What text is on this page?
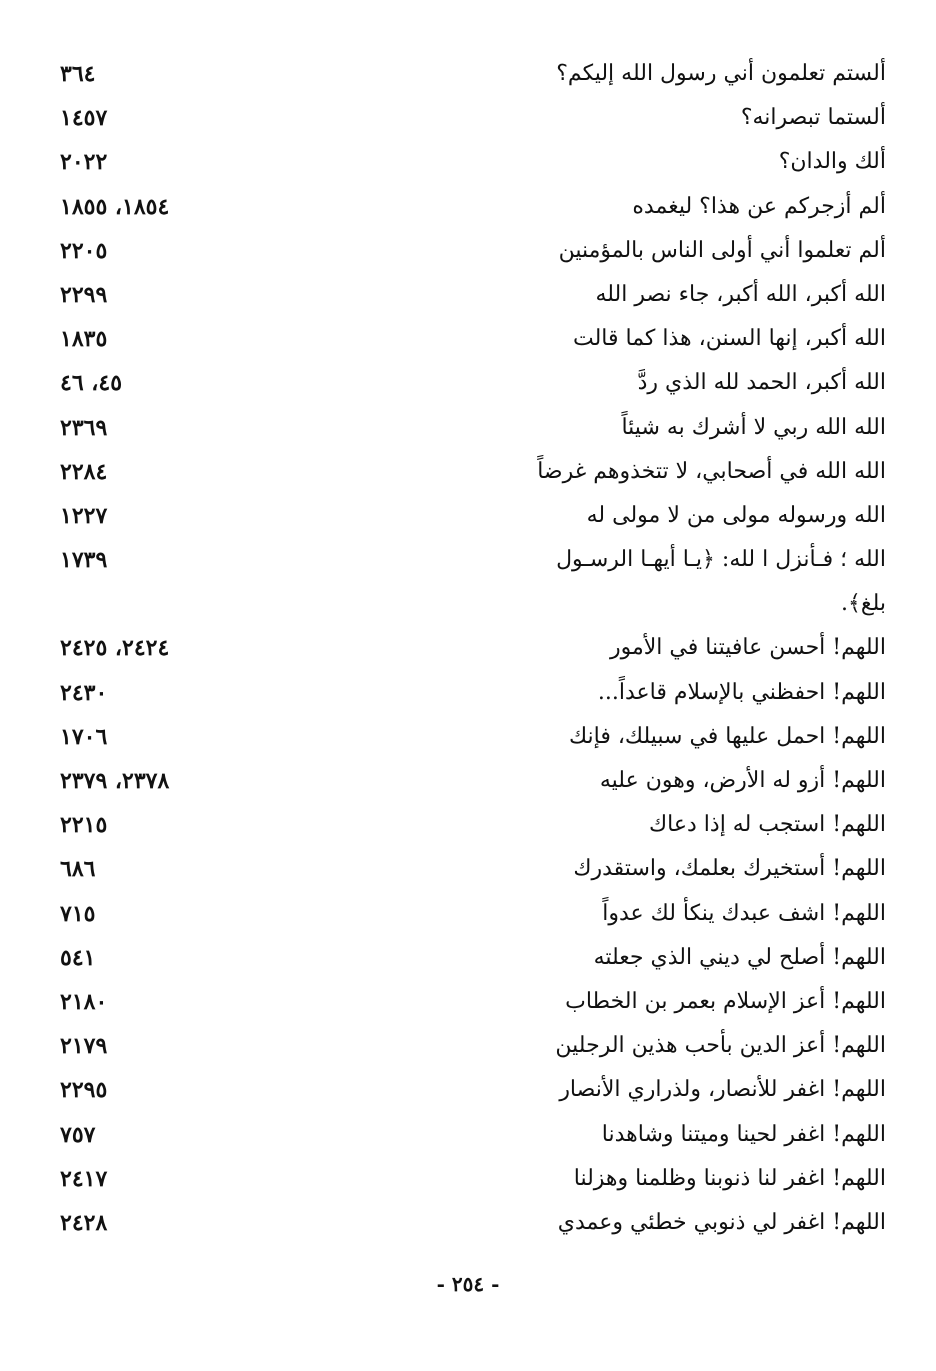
ألستم تعلمون أني رسول الله إليكم؟
٣٦٤
ألستما تبصرانه؟
١٤٥٧
ألك والدان؟
٢٠٢٢
ألم أزجركم عن هذا؟ ليغمده
١٨٥٤، ١٨٥٥
ألم تعلموا أني أولى الناس بالمؤمنين
٢٢٠٥
الله أكبر، الله أكبر، جاء نصر الله
٢٢٩٩
الله أكبر، إنها السنن، هذا كما قالت
١٨٣٥
الله أكبر، الحمد لله الذي ردَّ
٤٥، ٤٦
الله الله ربي لا أشرك به شيئاً
٢٣٦٩
الله الله في أصحابي، لا تتخذوهم غرضاً
٢٢٨٤
الله ورسوله مولى من لا مولى له
١٢٢٧
الله ؛ فـأنزل ا لله: ﴿يـا أيهـا الرسـول
١٧٣٩
بلغ﴾.
اللهم! أحسن عافيتنا في الأمور
٢٤٢٤، ٢٤٢٥
اللهم! احفظني بالإسلام قاعداً...
٢٤٣٠
اللهم! احمل عليها في سبيلك، فإنك
١٧٠٦
اللهم! أزو له الأرض، وهون عليه
٢٣٧٨، ٢٣٧٩
اللهم! استجب له إذا دعاك
٢٢١٥
اللهم! أستخيرك بعلمك، واستقدرك
٦٨٦
اللهم! اشف عبدك ينكأ لك عدواً
٧١٥
اللهم! أصلح لي ديني الذي جعلته
٥٤١
اللهم! أعز الإسلام بعمر بن الخطاب
٢١٨٠
اللهم! أعز الدين بأحب هذين الرجلين
٢١٧٩
اللهم! اغفر للأنصار، ولذراري الأنصار
٢٢٩٥
اللهم! اغفر لحينا وميتنا وشاهدنا
٧٥٧
اللهم! اغفر لنا ذنوبنا وظلمنا وهزلنا
٢٤١٧
اللهم! اغفر لي ذنوبي خطئي وعمدي
٢٤٢٨
- ٢٥٤ -
